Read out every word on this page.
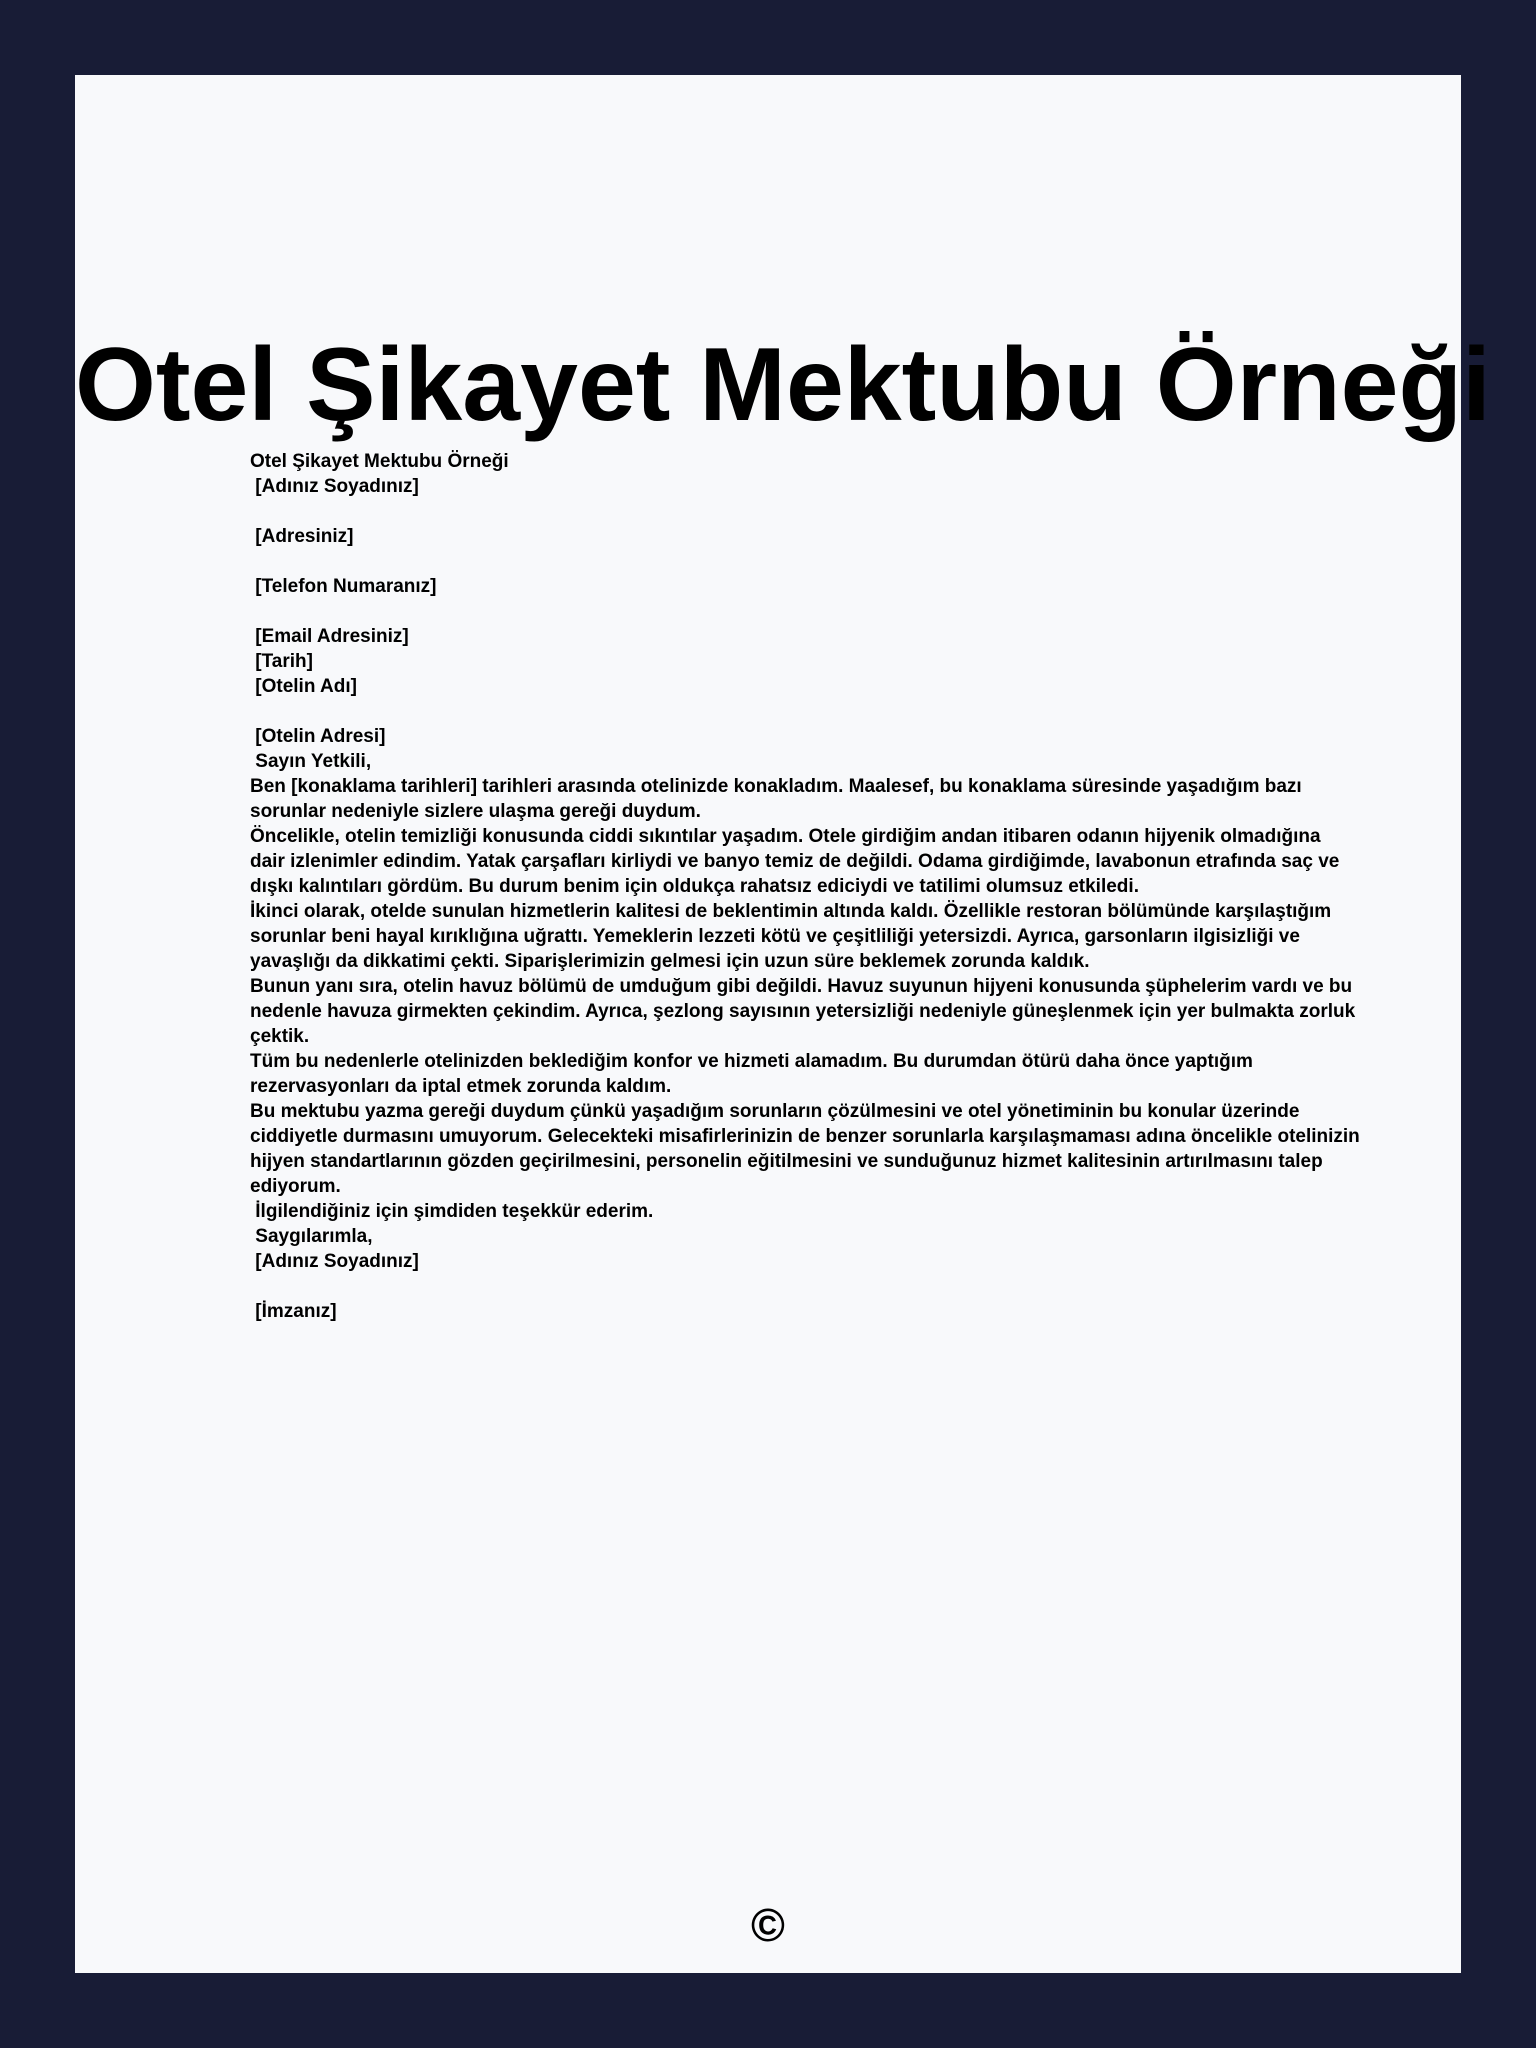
Otel Şikayet Mektubu Örneği
Otel Şikayet Mektubu Örneği
[Adınız Soyadınız]
[Adresiniz]
[Telefon Numaranız]
[Email Adresiniz]
[Tarih]
[Otelin Adı]
[Otelin Adresi]
Sayın Yetkili,
Ben [konaklama tarihleri] tarihleri arasında otelinizde konakladım. Maalesef, bu konaklama süresinde yaşadığım bazı sorunlar nedeniyle sizlere ulaşma gereği duydum.
Öncelikle, otelin temizliği konusunda ciddi sıkıntılar yaşadım. Otele girdiğim andan itibaren odanın hijyenik olmadığına dair izlenimler edindim. Yatak çarşafları kirliydi ve banyo temiz de değildi. Odama girdiğimde, lavabonun etrafında saç ve dışkı kalıntıları gördüm. Bu durum benim için oldukça rahatsız ediciydi ve tatilimi olumsuz etkiledi.
İkinci olarak, otelde sunulan hizmetlerin kalitesi de beklentimin altında kaldı. Özellikle restoran bölümünde karşılaştığım sorunlar beni hayal kırıklığına uğrattı. Yemeklerin lezzeti kötü ve çeşitliliği yetersizdi. Ayrıca, garsonların ilgisizliği ve yavaşlığı da dikkatimi çekti. Siparişlerimizin gelmesi için uzun süre beklemek zorunda kaldık.
Bunun yanı sıra, otelin havuz bölümü de umduğum gibi değildi. Havuz suyunun hijyeni konusunda şüphelerim vardı ve bu nedenle havuza girmekten çekindim. Ayrıca, şezlong sayısının yetersizliği nedeniyle güneşlenmek için yer bulmakta zorluk çektik.
Tüm bu nedenlerle otelinizden beklediğim konfor ve hizmeti alamadım. Bu durumdan ötürü daha önce yaptığım rezervasyonları da iptal etmek zorunda kaldım.
Bu mektubu yazma gereği duydum çünkü yaşadığım sorunların çözülmesini ve otel yönetiminin bu konular üzerinde ciddiyetle durmasını umuyorum. Gelecekteki misafirlerinizin de benzer sorunlarla karşılaşmaması adına öncelikle otelinizin hijyen standartlarının gözden geçirilmesini, personelin eğitilmesini ve sunduğunuz hizmet kalitesinin artırılmasını talep ediyorum.
İlgilendiğiniz için şimdiden teşekkür ederim.
Saygılarımla,
[Adınız Soyadınız]
[İmzanız]
©
